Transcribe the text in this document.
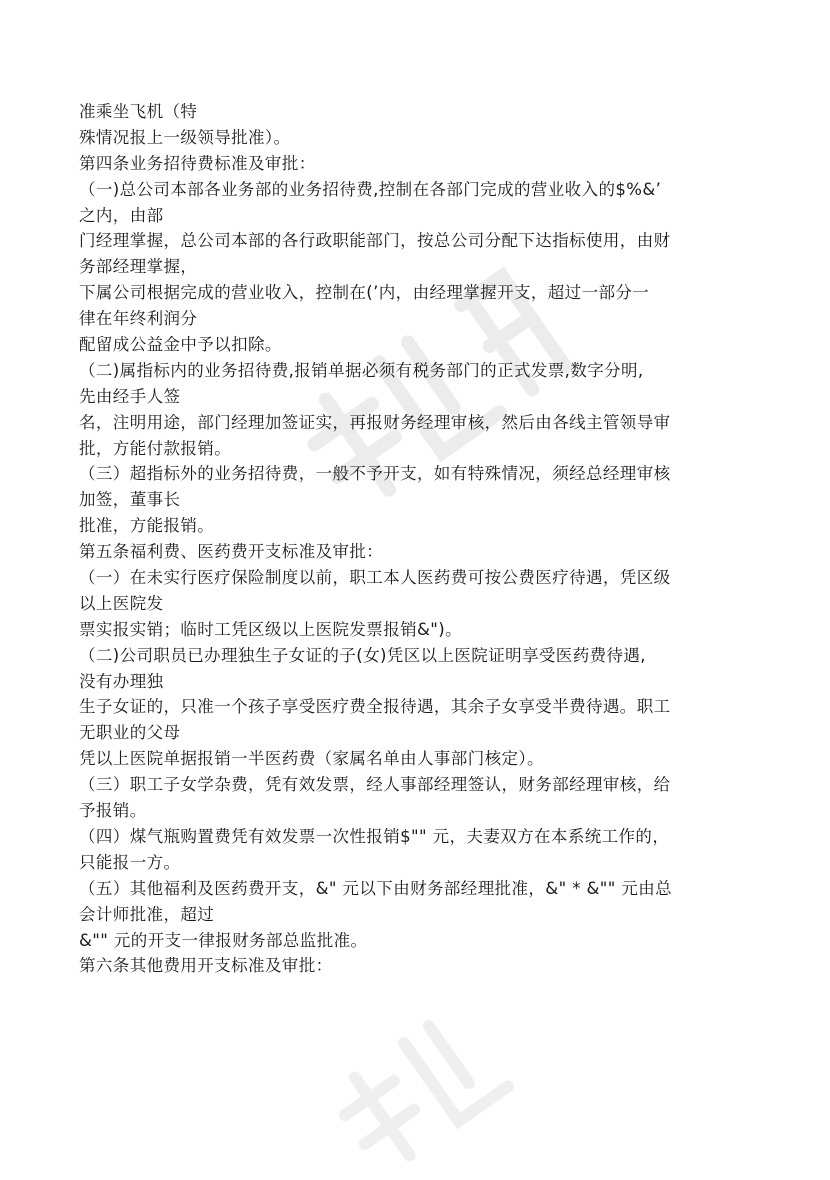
准乘坐飞机（特
殊情况报上一级领导批准）。
第四条业务招待费标准及审批：
（一)总公司本部各业务部的业务招待费,控制在各部门完成的营业收入的$%&’
之内，由部
门经理掌握，总公司本部的各行政职能部门，按总公司分配下达指标使用，由财
务部经理掌握，
下属公司根据完成的营业收入，控制在(’内，由经理掌握开支，超过一部分一
律在年终利润分
配留成公益金中予以扣除。
（二)属指标内的业务招待费,报销单据必须有税务部门的正式发票,数字分明,
先由经手人签
名，注明用途，部门经理加签证实，再报财务经理审核，然后由各线主管领导审
批，方能付款报销。
（三）超指标外的业务招待费，一般不予开支，如有特殊情况，须经总经理审核
加签，董事长
批准，方能报销。
第五条福利费、医药费开支标准及审批：
（一）在未实行医疗保险制度以前，职工本人医药费可按公费医疗待遇，凭区级
以上医院发
票实报实销；临时工凭区级以上医院发票报销&")。
（二)公司职员已办理独生子女证的子(女)凭区以上医院证明享受医药费待遇,
没有办理独
生子女证的，只准一个孩子享受医疗费全报待遇，其余子女享受半费待遇。职工
无职业的父母
凭以上医院单据报销一半医药费（家属名单由人事部门核定）。
（三）职工子女学杂费，凭有效发票，经人事部经理签认，财务部经理审核，给
予报销。
（四）煤气瓶购置费凭有效发票一次性报销$"" 元，夫妻双方在本系统工作的，
只能报一方。
（五）其他福利及医药费开支，&" 元以下由财务部经理批准，&" * &"" 元由总
会计师批准，超过
&"" 元的开支一律报财务部总监批准。
第六条其他费用开支标准及审批：
